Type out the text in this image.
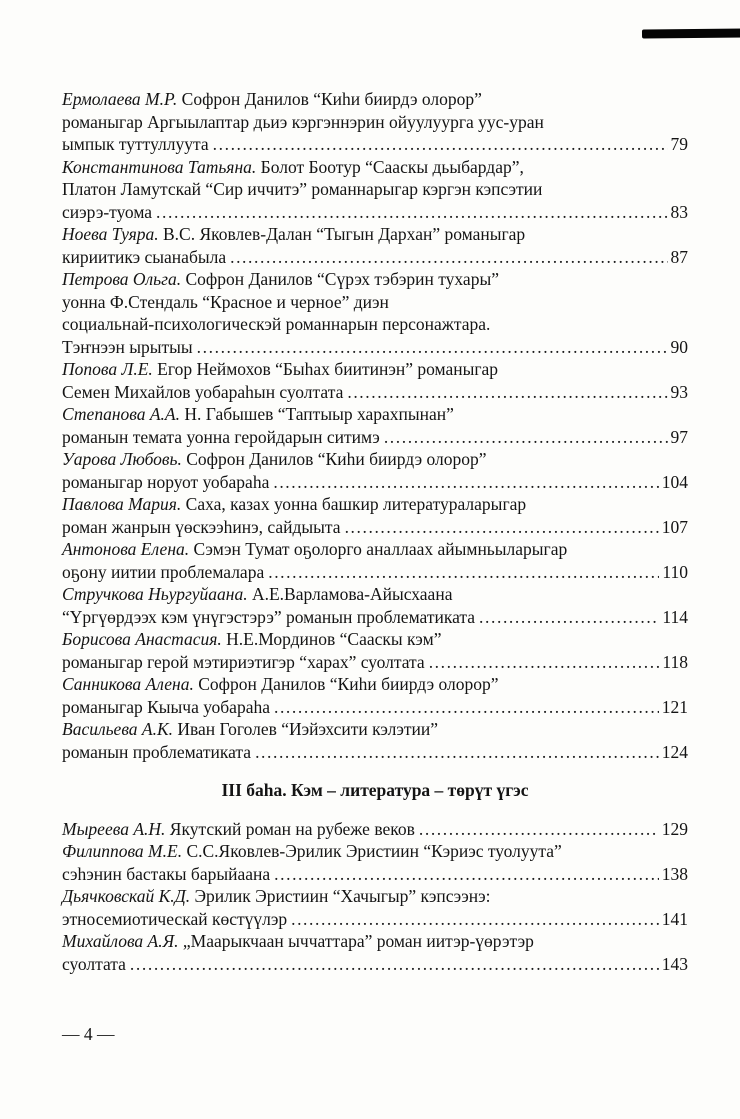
Ермолаева М.Р. Софрон Данилов “Киһи биирдэ олорор”
романыгар Аргыылаптар дьиэ кэргэннэрин ойуулуурга уус-уран
ымпык туттуллуута .....	79
Константинова Татьяна. Болот Боотур “Сааскы дьыбардар”,
Платон Ламутскай “Сир иччитэ” романнарыгар кэргэн кэпсэтии
сиэрэ-туома .....	83
Ноева Туяра. В.С. Яковлев-Далан “Тыгын Дархан” романыгар
кириитикэ сыанабыла .....	87
Петрова Ольга. Софрон Данилов “Сүрэх тэбэрин тухары”
уонна Ф.Стендаль “Красное и черное” диэн
социальнай-психологическэй романнарын персонажтара.
Тэҥнээн ырытыы .....	90
Попова Л.Е. Егор Неймохов “Быһах биитинэн” романыгар
Семен Михайлов уобараһын суолтата .....	93
Степанова А.А. Н. Габышев “Таптыыр харахпынан”
романын темата уонна геройдарын ситимэ .....	97
Уарова Любовь. Софрон Данилов “Киһи биирдэ олорор”
романыгар норуот уобараһа .....	104
Павлова Мария. Саха, казах уонна башкир литератураларыгар
роман жанрын үөскээһинэ, сайдыыта .....	107
Антонова Елена. Сэмэн Тумат оҕолорго аналлаах айымньыларыгар
оҕону иитии проблемалара .....	110
Стручкова Ньургуйаана. А.Е.Варламова-Айысхаана
“Үргүөрдээх кэм үнүгэстэрэ” романын проблематиката .....	114
Борисова Анастасия. Н.Е.Мординов “Сааскы кэм”
романыгар герой мэтириэтигэр “харах” суолтата .....	118
Санникова Алена. Софрон Данилов “Киһи биирдэ олорор”
романыгар Кыыча уобараһа .....	121
Васильева А.К. Иван Гоголев “Иэйэхсити кэлэтии”
романын проблематиката .....	124
III баһа. Кэм – литература – төрүт үгэс
Мыреева А.Н. Якутский роман на рубеже веков .....	129
Филиппова М.Е. С.С.Яковлев-Эрилик Эристиин “Кэриэс туолуута”
сэһэнин бастакы барыйаана .....	138
Дьячковскай К.Д. Эрилик Эристиин “Хачыгыр” кэпсээнэ:
этносемиотическай көстүүлэр .....	141
Михайлова А.Я. „Маарыкчаан ыччаттара” роман иитэр-үөрэтэр
суолтата .....	143
— 4 —
